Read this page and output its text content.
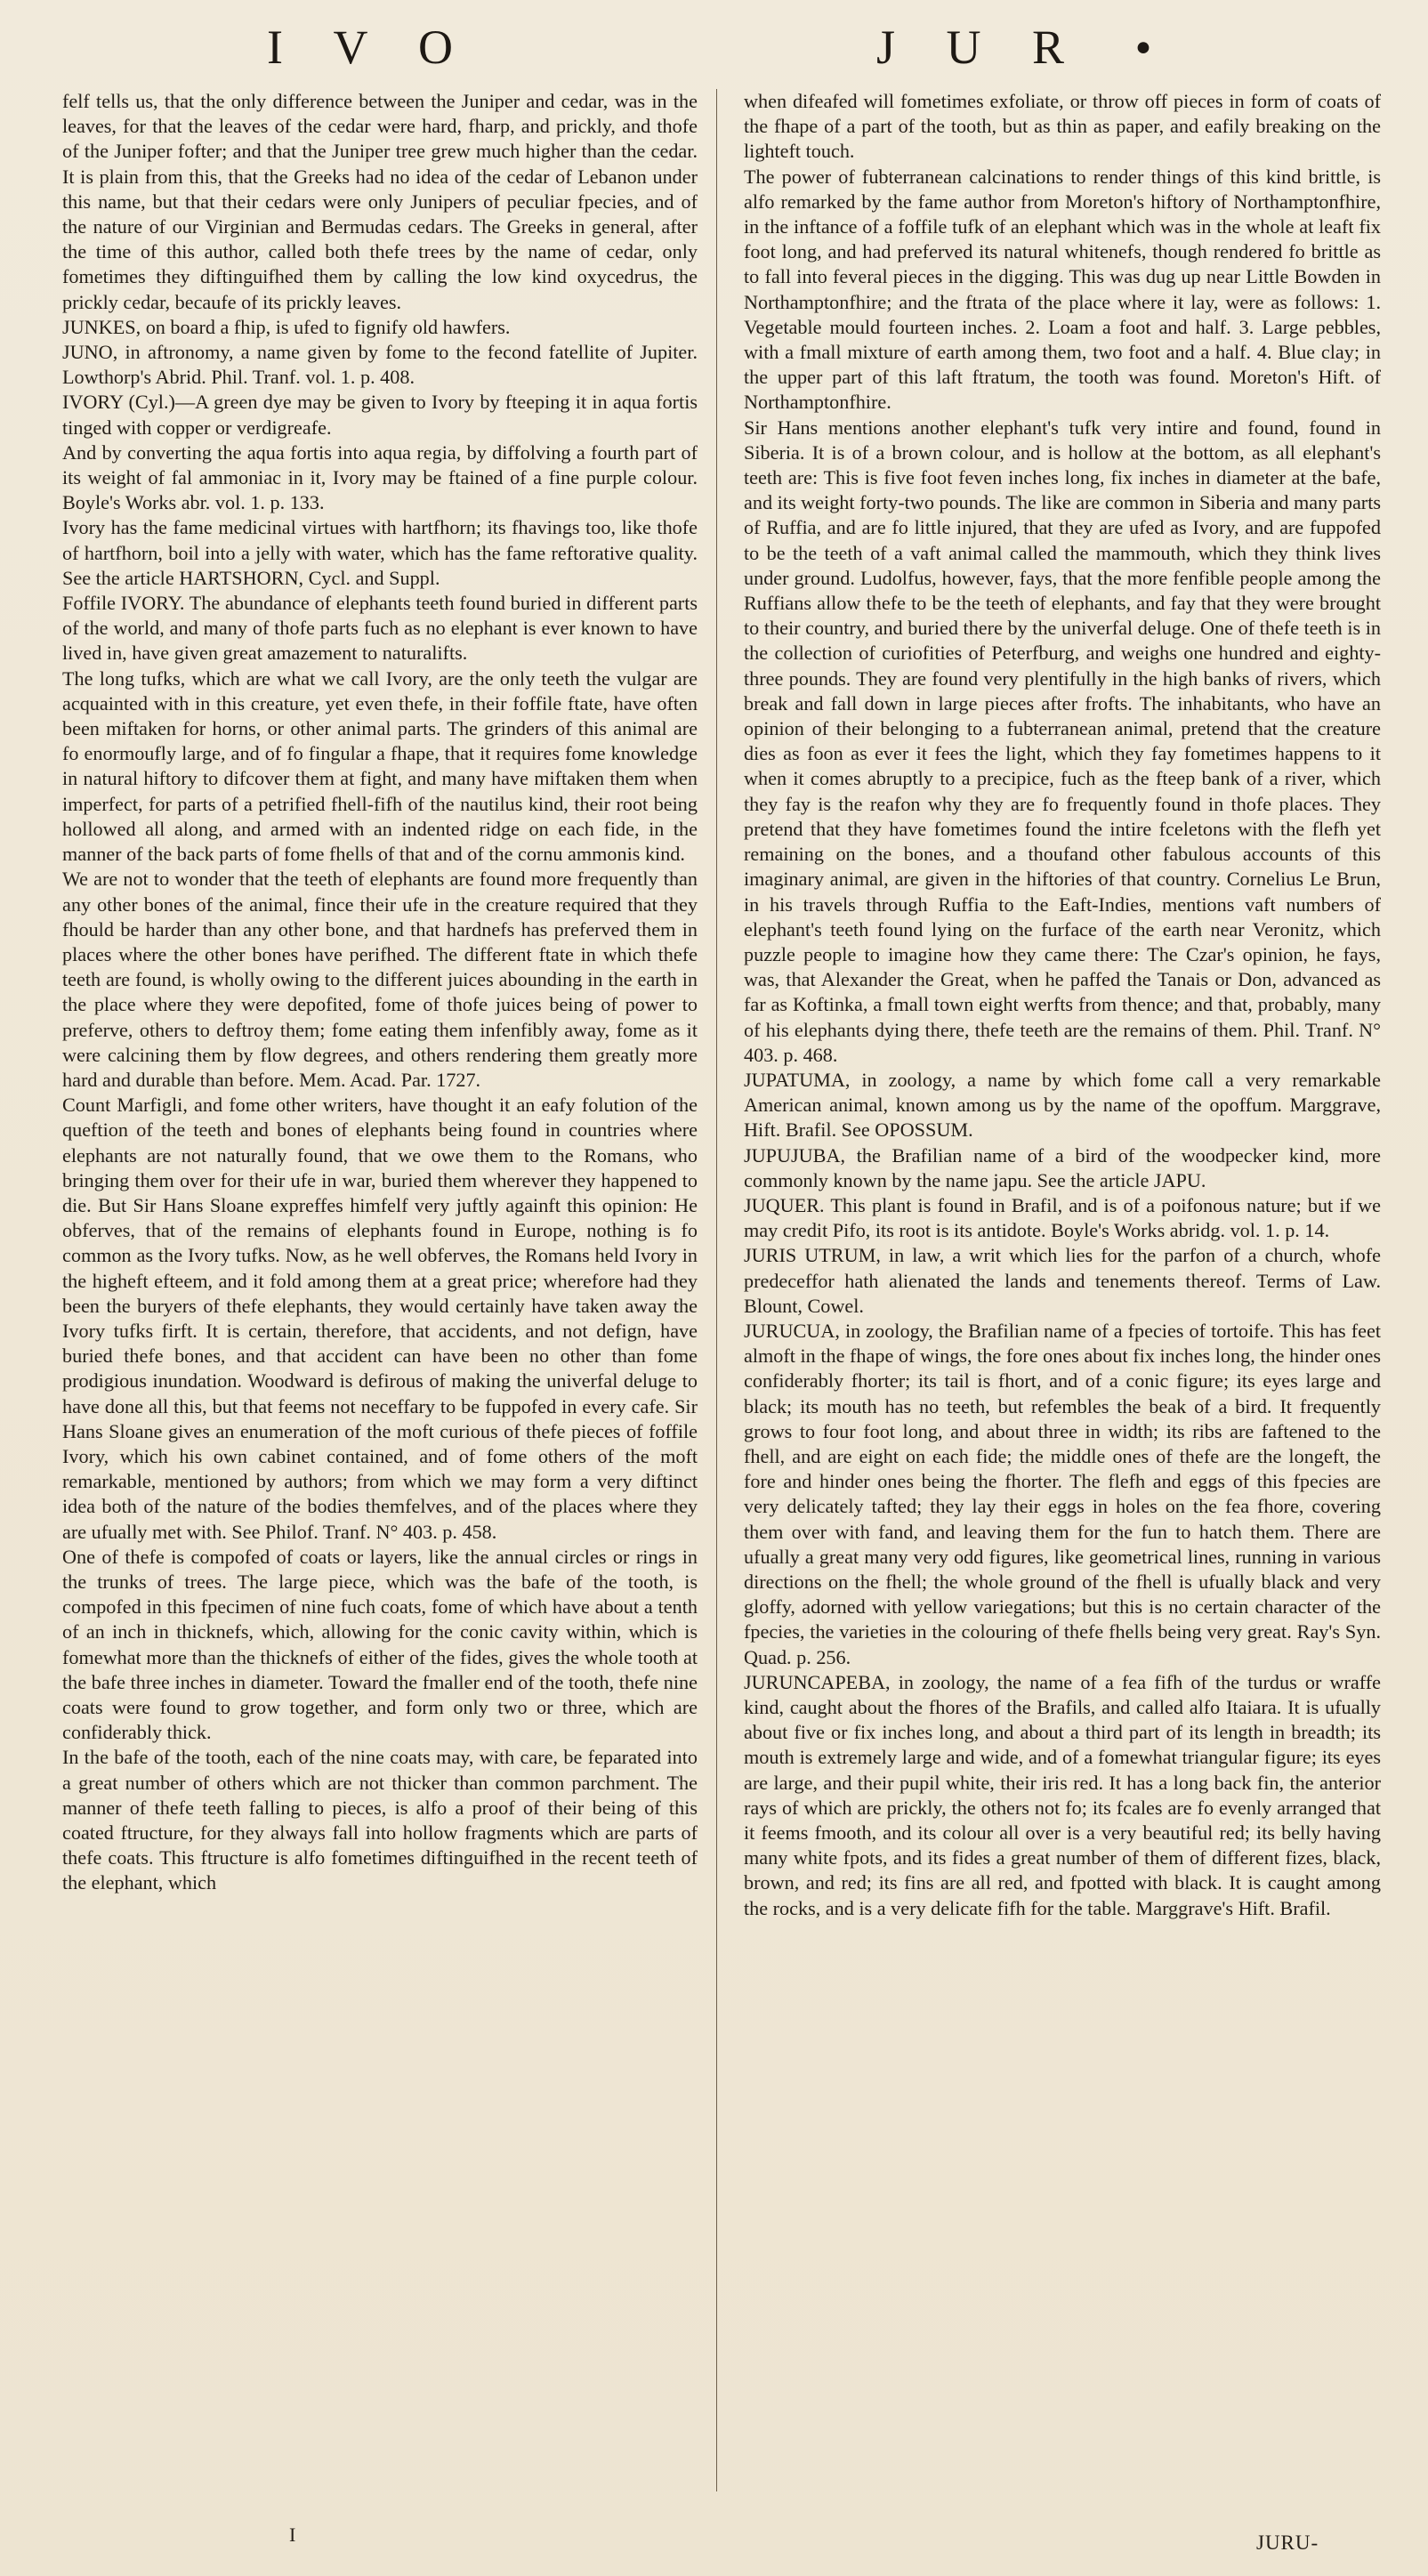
I V O	J U R •

felf tells us, that the only difference between the Juniper and cedar, was in the leaves, for that the leaves of the cedar were hard, fharp, and prickly, and thofe of the Juniper fofter; and that the Juniper tree grew much higher than the cedar. It is plain from this, that the Greeks had no idea of the cedar of Lebanon under this name, but that their cedars were only Junipers of peculiar fpecies, and of the nature of our Virginian and Bermudas cedars. The Greeks in general, after the time of this author, called both thefe trees by the name of cedar, only fometimes they diftinguifhed them by calling the low kind oxycedrus, the prickly cedar, becaufe of its prickly leaves.

JUNKES, on board a fhip, is ufed to fignify old hawfers.

JUNO, in aftronomy, a name given by fome to the fecond fatellite of Jupiter. Lowthorp's Abrid. Phil. Tranf. vol. 1. p. 408.

IVORY (Cyl.)—A green dye may be given to Ivory by fteeping it in aqua fortis tinged with copper or verdigreafe.

And by converting the aqua fortis into aqua regia, by diffolving a fourth part of its weight of fal ammoniac in it, Ivory may be ftained of a fine purple colour. Boyle's Works abr. vol. 1. p. 133.

Ivory has the fame medicinal virtues with hartfhorn; its fhavings too, like thofe of hartfhorn, boil into a jelly with water, which has the fame reftorative quality. See the article HARTSHORN, Cycl. and Suppl.

Foffile IVORY. The abundance of elephants teeth found buried in different parts of the world, and many of thofe parts fuch as no elephant is ever known to have lived in, have given great amazement to naturalifts.

The long tufks, which are what we call Ivory, are the only teeth the vulgar are acquainted with in this creature, yet even thefe, in their foffile ftate, have often been miftaken for horns, or other animal parts. The grinders of this animal are fo enormoufly large, and of fo fingular a fhape, that it requires fome knowledge in natural hiftory to difcover them at fight, and many have miftaken them when imperfect, for parts of a petrified fhell-fifh of the nautilus kind, their root being hollowed all along, and armed with an indented ridge on each fide, in the manner of the back parts of fome fhells of that and of the cornu ammonis kind.

We are not to wonder that the teeth of elephants are found more frequently than any other bones of the animal, fince their ufe in the creature required that they fhould be harder than any other bone, and that hardnefs has preferved them in places where the other bones have perifhed. The different ftate in which thefe teeth are found, is wholly owing to the different juices abounding in the earth in the place where they were depofited, fome of thofe juices being of power to preferve, others to deftroy them; fome eating them infenfibly away, fome as it were calcining them by flow degrees, and others rendering them greatly more hard and durable than before. Mem. Acad. Par. 1727.

Count Marfigli, and fome other writers, have thought it an eafy folution of the queftion of the teeth and bones of elephants being found in countries where elephants are not naturally found, that we owe them to the Romans, who bringing them over for their ufe in war, buried them wherever they happened to die. But Sir Hans Sloane expreffes himfelf very juftly againft this opinion: He obferves, that of the remains of elephants found in Europe, nothing is fo common as the Ivory tufks. Now, as he well obferves, the Romans held Ivory in the higheft efteem, and it fold among them at a great price; wherefore had they been the buryers of thefe elephants, they would certainly have taken away the Ivory tufks firft. It is certain, therefore, that accidents, and not defign, have buried thefe bones, and that accident can have been no other than fome prodigious inundation. Woodward is defirous of making the univerfal deluge to have done all this, but that feems not neceffary to be fuppofed in every cafe. Sir Hans Sloane gives an enumeration of the moft curious of thefe pieces of foffile Ivory, which his own cabinet contained, and of fome others of the moft remarkable, mentioned by authors; from which we may form a very diftinct idea both of the nature of the bodies themfelves, and of the places where they are ufually met with. See Philof. Tranf. N° 403. p. 458.

One of thefe is compofed of coats or layers, like the annual circles or rings in the trunks of trees. The large piece, which was the bafe of the tooth, is compofed in this fpecimen of nine fuch coats, fome of which have about a tenth of an inch in thicknefs, which, allowing for the conic cavity within, which is fomewhat more than the thicknefs of either of the fides, gives the whole tooth at the bafe three inches in diameter. Toward the fmaller end of the tooth, thefe nine coats were found to grow together, and form only two or three, which are confiderably thick.

In the bafe of the tooth, each of the nine coats may, with care, be feparated into a great number of others which are not thicker than common parchment. The manner of thefe teeth falling to pieces, is alfo a proof of their being of this coated ftructure, for they always fall into hollow fragments which are parts of thefe coats. This ftructure is alfo fometimes diftinguifhed in the recent teeth of the elephant, which

when difeafed will fometimes exfoliate, or throw off pieces in form of coats of the fhape of a part of the tooth, but as thin as paper, and eafily breaking on the lighteft touch.

The power of fubterranean calcinations to render things of this kind brittle, is alfo remarked by the fame author from Moreton's hiftory of Northamptonfhire, in the inftance of a foffile tufk of an elephant which was in the whole at leaft fix foot long, and had preferved its natural whitenefs, though rendered fo brittle as to fall into feveral pieces in the digging. This was dug up near Little Bowden in Northamptonfhire; and the ftrata of the place where it lay, were as follows: 1. Vegetable mould fourteen inches. 2. Loam a foot and half. 3. Large pebbles, with a fmall mixture of earth among them, two foot and a half. 4. Blue clay; in the upper part of this laft ftratum, the tooth was found. Moreton's Hift. of Northamptonfhire.

Sir Hans mentions another elephant's tufk very intire and found, found in Siberia. It is of a brown colour, and is hollow at the bottom, as all elephant's teeth are: This is five foot feven inches long, fix inches in diameter at the bafe, and its weight forty-two pounds. The like are common in Siberia and many parts of Ruffia, and are fo little injured, that they are ufed as Ivory, and are fuppofed to be the teeth of a vaft animal called the mammouth, which they think lives under ground. Ludolfus, however, fays, that the more fenfible people among the Ruffians allow thefe to be the teeth of elephants, and fay that they were brought to their country, and buried there by the univerfal deluge. One of thefe teeth is in the collection of curiofities of Peterfburg, and weighs one hundred and eighty-three pounds. They are found very plentifully in the high banks of rivers, which break and fall down in large pieces after frofts. The inhabitants, who have an opinion of their belonging to a fubterranean animal, pretend that the creature dies as foon as ever it fees the light, which they fay fometimes happens to it when it comes abruptly to a precipice, fuch as the fteep bank of a river, which they fay is the reafon why they are fo frequently found in thofe places. They pretend that they have fometimes found the intire fceletons with the flefh yet remaining on the bones, and a thoufand other fabulous accounts of this imaginary animal, are given in the hiftories of that country. Cornelius Le Brun, in his travels through Ruffia to the Eaft-Indies, mentions vaft numbers of elephant's teeth found lying on the furface of the earth near Veronitz, which puzzle people to imagine how they came there: The Czar's opinion, he fays, was, that Alexander the Great, when he paffed the Tanais or Don, advanced as far as Koftinka, a fmall town eight werfts from thence; and that, probably, many of his elephants dying there, thefe teeth are the remains of them. Phil. Tranf. N° 403. p. 468.

JUPATUMA, in zoology, a name by which fome call a very remarkable American animal, known among us by the name of the opoffum. Marggrave, Hift. Brafil. See OPOSSUM.

JUPUJUBA, the Brafilian name of a bird of the woodpecker kind, more commonly known by the name japu. See the article JAPU.

JUQUER. This plant is found in Brafil, and is of a poifonous nature; but if we may credit Pifo, its root is its antidote. Boyle's Works abridg. vol. 1. p. 14.

JURIS UTRUM, in law, a writ which lies for the parfon of a church, whofe predeceffor hath alienated the lands and tenements thereof. Terms of Law. Blount, Cowel.

JURUCUA, in zoology, the Brafilian name of a fpecies of tortoife. This has feet almoft in the fhape of wings, the fore ones about fix inches long, the hinder ones confiderably fhorter; its tail is fhort, and of a conic figure; its eyes large and black; its mouth has no teeth, but refembles the beak of a bird. It frequently grows to four foot long, and about three in width; its ribs are faftened to the fhell, and are eight on each fide; the middle ones of thefe are the longeft, the fore and hinder ones being the fhorter. The flefh and eggs of this fpecies are very delicately tafted; they lay their eggs in holes on the fea fhore, covering them over with fand, and leaving them for the fun to hatch them. There are ufually a great many very odd figures, like geometrical lines, running in various directions on the fhell; the whole ground of the fhell is ufually black and very gloffy, adorned with yellow variegations; but this is no certain character of the fpecies, the varieties in the colouring of thefe fhells being very great. Ray's Syn. Quad. p. 256.

JURUNCAPEBA, in zoology, the name of a fea fifh of the turdus or wraffe kind, caught about the fhores of the Brafils, and called alfo Itaiara. It is ufually about five or fix inches long, and about a third part of its length in breadth; its mouth is extremely large and wide, and of a fomewhat triangular figure; its eyes are large, and their pupil white, their iris red. It has a long back fin, the anterior rays of which are prickly, the others not fo; its fcales are fo evenly arranged that it feems fmooth, and its colour all over is a very beautiful red; its belly having many white fpots, and its fides a great number of them of different fizes, black, brown, and red; its fins are all red, and fpotted with black. It is caught among the rocks, and is a very delicate fifh for the table. Marggrave's Hift. Brafil.

I	JURU-
